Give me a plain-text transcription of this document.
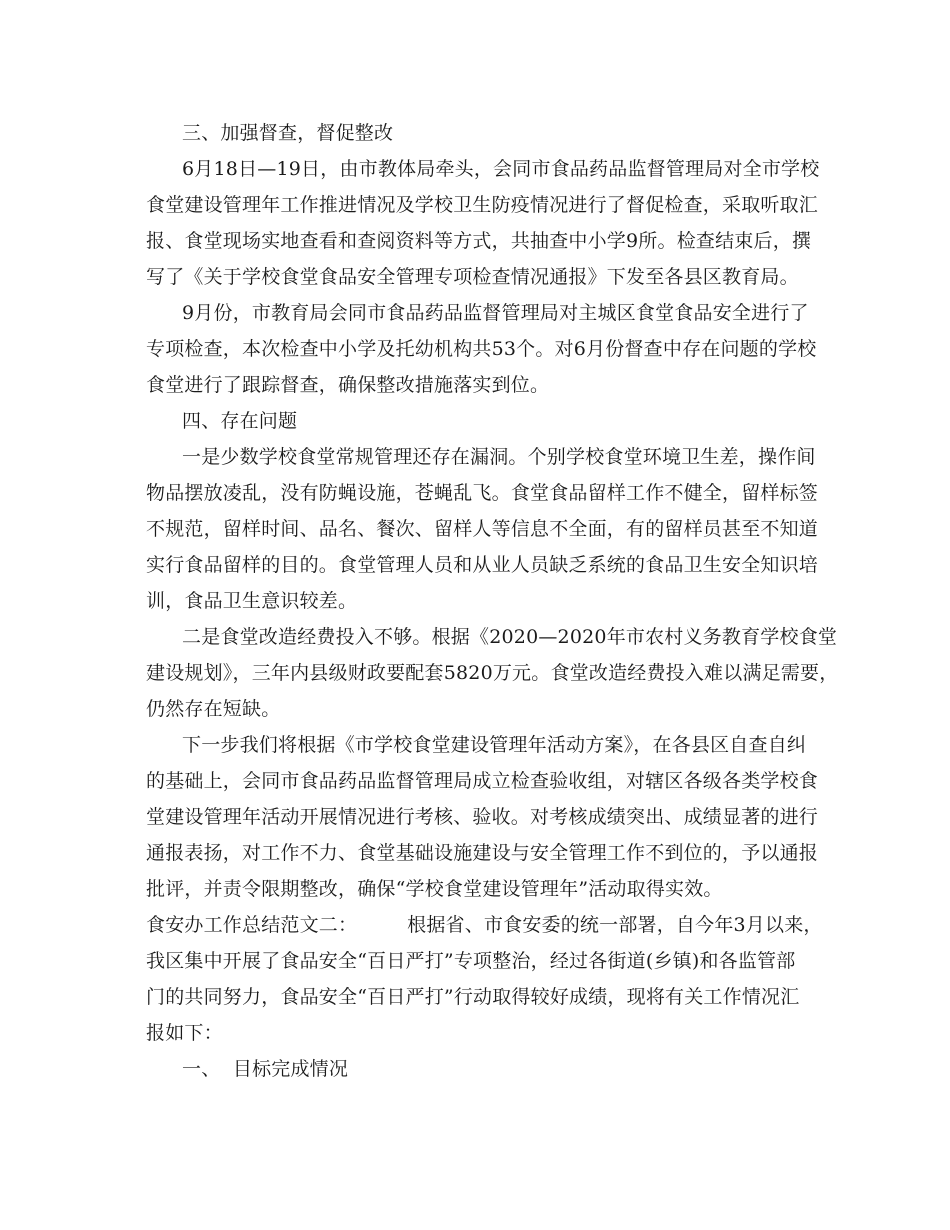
三、加强督查，督促整改
6月18日—19日，由市教体局牵头，会同市食品药品监督管理局对全市学校
食堂建设管理年工作推进情况及学校卫生防疫情况进行了督促检查，采取听取汇
报、食堂现场实地查看和查阅资料等方式，共抽查中小学9所。检查结束后，撰
写了《关于学校食堂食品安全管理专项检查情况通报》下发至各县区教育局。
9月份，市教育局会同市食品药品监督管理局对主城区食堂食品安全进行了
专项检查，本次检查中小学及托幼机构共53个。对6月份督查中存在问题的学校
食堂进行了跟踪督查，确保整改措施落实到位。
四、存在问题
一是少数学校食堂常规管理还存在漏洞。个别学校食堂环境卫生差，操作间
物品摆放凌乱，没有防蝇设施，苍蝇乱飞。食堂食品留样工作不健全，留样标签
不规范，留样时间、品名、餐次、留样人等信息不全面，有的留样员甚至不知道
实行食品留样的目的。食堂管理人员和从业人员缺乏系统的食品卫生安全知识培
训，食品卫生意识较差。
二是食堂改造经费投入不够。根据《2020—2020年市农村义务教育学校食堂
建设规划》，三年内县级财政要配套5820万元。食堂改造经费投入难以满足需要，
仍然存在短缺。
下一步我们将根据《市学校食堂建设管理年活动方案》，在各县区自查自纠
的基础上，会同市食品药品监督管理局成立检查验收组，对辖区各级各类学校食
堂建设管理年活动开展情况进行考核、验收。对考核成绩突出、成绩显著的进行
通报表扬，对工作不力、食堂基础设施建设与安全管理工作不到位的，予以通报
批评，并责令限期整改，确保“学校食堂建设管理年”活动取得实效。
食安办工作总结范文二：        根据省、市食安委的统一部署，自今年3月以来，
我区集中开展了食品安全“百日严打”专项整治，经过各街道(乡镇)和各监管部
门的共同努力，食品安全“百日严打”行动取得较好成绩，现将有关工作情况汇
报如下：
一、  目标完成情况
